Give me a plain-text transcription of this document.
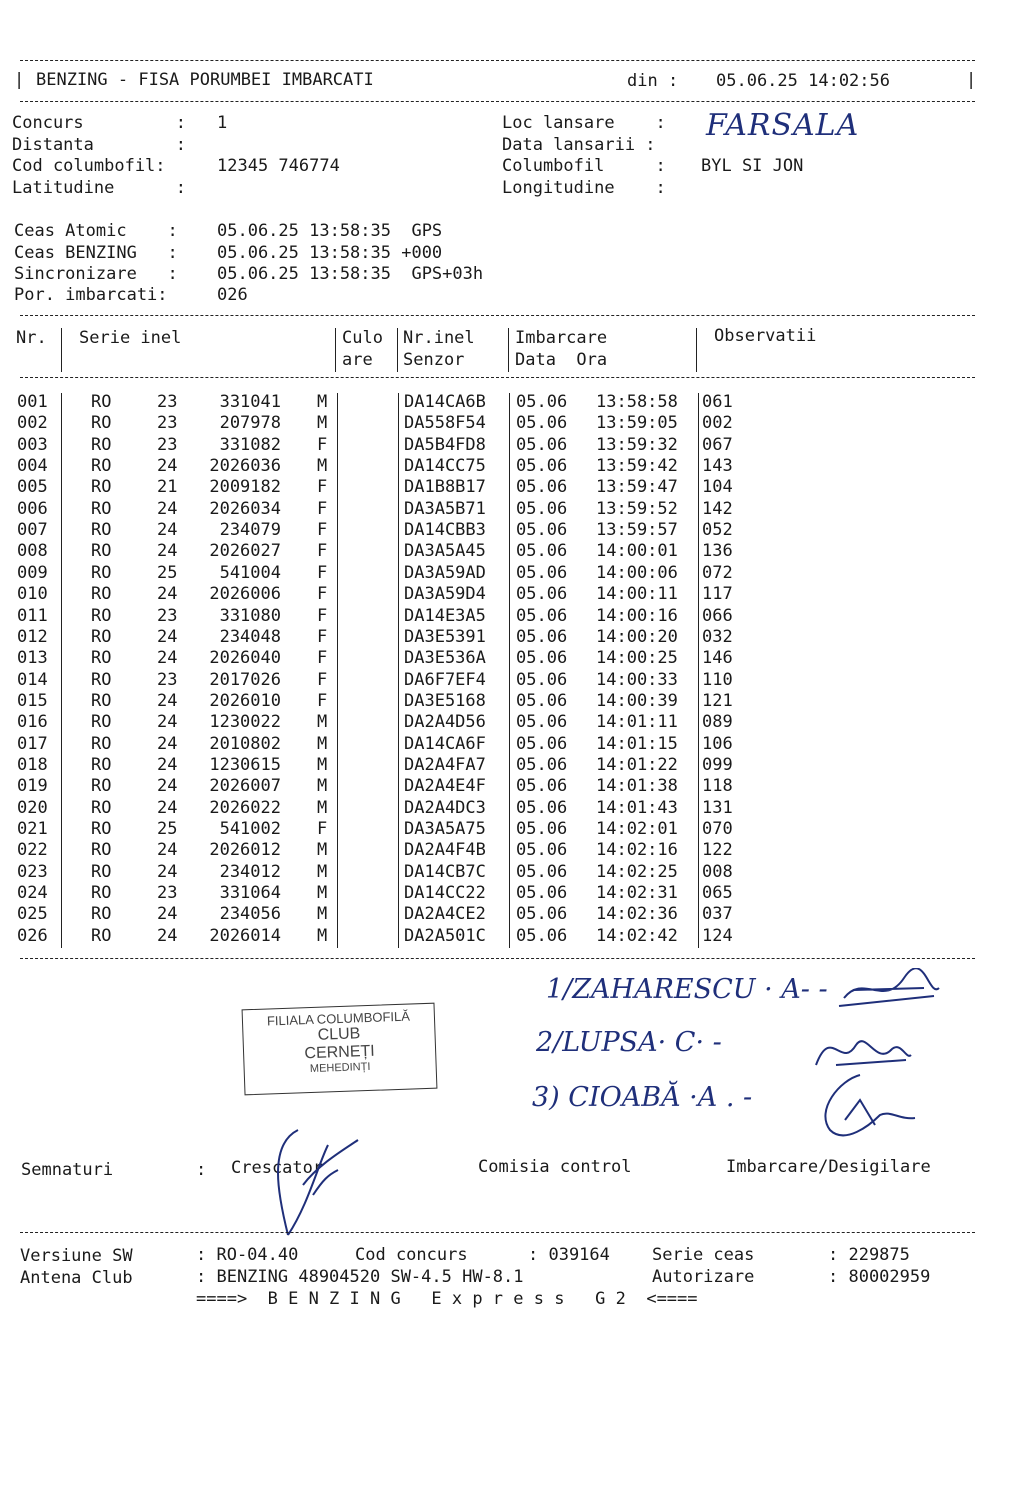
| BENZING - FISA PORUMBEI IMBARCATI	din : 05.06.25 14:02:56	|
Concurs         : 1
Distanta        :
Cod columbofil:	12345 746774
Latitudine      :
Loc lansare    : FARSALA
Data lansarii :
Columbofil     : BYL SI JON
Longitudine    :
Ceas Atomic    : 05.06.25 13:58:35  GPS
Ceas BENZING   : 05.06.25 13:58:35 +000
Sincronizare   : 05.06.25 13:58:35  GPS+03h
Por. imbarcati:	026
Nr. Serie inel	Culo
are
Nr.inel
Senzor
Imbarcare
Data  Ora
Observatii
001	RO	23 331041 M	DA14CA6B 05.06 13:58:58 061
002	RO	23 207978 M	DA558F54 05.06 13:59:05 002
003	RO	23 331082 F	DA5B4FD8 05.06 13:59:32 067
004	RO	24 2026036 M	DA14CC75 05.06 13:59:42 143
005	RO	21 2009182 F	DA1B8B17 05.06 13:59:47 104
006	RO	24 2026034 F	DA3A5B71 05.06 13:59:52 142
007	RO	24 234079 F	DA14CBB3 05.06 13:59:57 052
008	RO	24 2026027 F	DA3A5A45 05.06 14:00:01 136
009	RO	25 541004 F	DA3A59AD 05.06 14:00:06 072
010	RO	24 2026006 F	DA3A59D4 05.06 14:00:11 117
011	RO	23 331080 F	DA14E3A5 05.06 14:00:16 066
012	RO	24 234048 F	DA3E5391 05.06 14:00:20 032
013	RO	24 2026040 F	DA3E536A 05.06 14:00:25 146
014	RO	23 2017026 F	DA6F7EF4 05.06 14:00:33 110
015	RO	24 2026010 F	DA3E5168 05.06 14:00:39 121
016	RO	24 1230022 M	DA2A4D56 05.06 14:01:11 089
017	RO	24 2010802 M	DA14CA6F 05.06 14:01:15 106
018	RO	24 1230615 M	DA2A4FA7 05.06 14:01:22 099
019	RO	24 2026007 M	DA2A4E4F 05.06 14:01:38 118
020	RO	24 2026022 M	DA2A4DC3 05.06 14:01:43 131
021	RO	25 541002 F	DA3A5A75 05.06 14:02:01 070
022	RO	24 2026012 M	DA2A4F4B 05.06 14:02:16 122
023	RO	24 234012 M	DA14CB7C 05.06 14:02:25 008
024	RO	23 331064 M	DA14CC22 05.06 14:02:31 065
025	RO	24 234056 M	DA2A4CE2 05.06 14:02:36 037
026	RO	24 2026014 M	DA2A501C 05.06 14:02:42 124
1/ZAHARESCU · A- -
2/LUPSA· C· -
3) CIOABĂ ·A . -
FILIALA COLUMBOFILĂ
CLUB
CERNEȚI
MEHEDINȚI
Semnaturi	: Crescator	Comisia control	Imbarcare/Desigilare
Versiune SW	: RO-04.40	Cod concurs	: 039164 Serie ceas	: 229875
Antena Club	: BENZING 48904520 SW-4.5 HW-8.1	Autorizare	: 80002959
====>  B E N Z I N G   E x p r e s s   G 2  <====
